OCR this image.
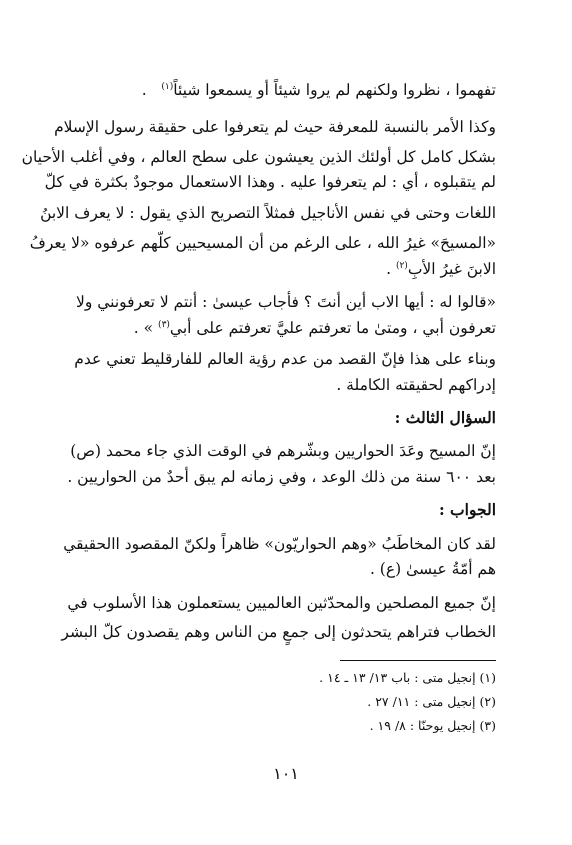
تفهموا ، نظروا ولكنهم لم يروا شيئاً أو يسمعوا شيئاً$^{(١)}$   .
وكذا الأمر بالنسبة للمعرفة حيث لم يتعرفوا على حقيقة رسول الإسلام
بشكل كامل كل أولئك الذين يعيشون على سطح العالم ، وفي أغلب الأحيان
لم يتقبلوه ، أي : لم يتعرفوا عليه . وهذا الاستعمال موجودٌ بكثرة في كلّ
اللغات وحتى في نفس الأناجيل فمثلاً التصريح الذي يقول : لا يعرف الابنُ
«المسيحَ» غيرُ الله ، على الرغم من أن المسيحيين كلّهم عرفوه «لا يعرفُ
الابنَ غيرُ الأبِ$^{(٢)}$ .
«قالوا له : أيها الاب أين أنتَ ؟ فأجاب عيسىٰ : أنتم لا تعرفونني ولا
تعرفون أبي ، ومتىٰ ما تعرفتم عليَّ تعرفتم على أبي$^{(٣)}$ » .
وبناء على هذا فإنّ القصد من عدم رؤية العالم للفارقليط تعني عدم
إدراكهم لحقيقته الكاملة .
السؤال الثالث :
إنّ المسيح وعَدَ الحواريين وبشّرهم في الوقت الذي جاء محمد (ص)
بعد ٦٠٠ سنة من ذلك الوعد ، وفي زمانه لم يبق أحدٌ من الحواريين .
الجواب :
لقد كان المخاطَبُ «وهم الحواريّون» ظاهراً ولكنّ المقصود االحقيقي
هم أمّةُ عيسىٰ (ع) .
إنّ جميع المصلحين والمحدّثين العالميين يستعملون هذا الأسلوب في
الخطاب فتراهم يتحدثون إلى جمعٍ من الناس وهم يقصدون كلّ البشر
(١) إنجيل متى : باب ١٣/ ١٣ ـ ١٤ .
(٢) إنجيل متى : ١١/ ٢٧ .
(٣) إنجيل يوحنّا : ٨/ ١٩ .
١٠١
